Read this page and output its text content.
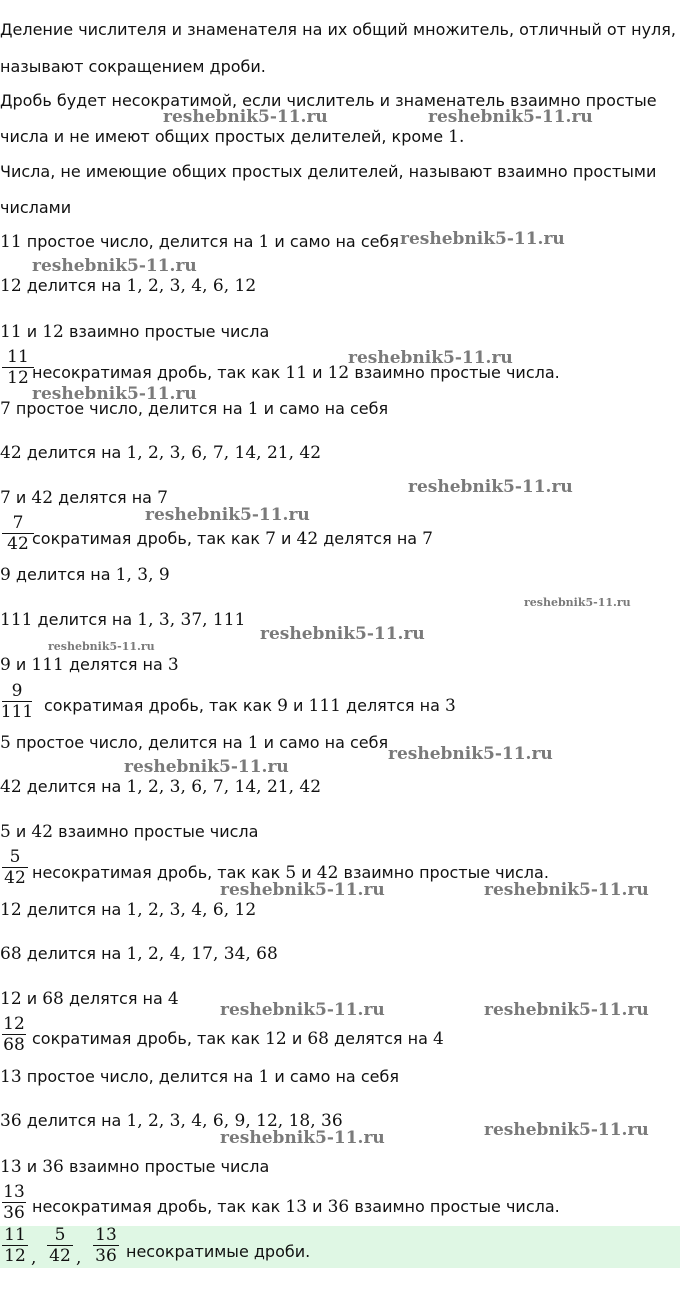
Деление числителя и знаменателя на их общий множитель, отличный от нуля,
называют сокращением дроби.
Дробь будет несократимой, если числитель и знаменатель взаимно простые
числа и не имеют общих простых делителей, кроме 1.
Числа, не имеющие общих простых делителей, называют взаимно простыми
числами
11 простое число, делится на 1 и само на себя
12 делится на 1, 2, 3, 4, 6, 12
11 и 12 взаимно простые числа
11
12 несократимая дробь, так как 11 и 12 взаимно простые числа.
7 простое число, делится на 1 и само на себя
42 делится на 1, 2, 3, 6, 7, 14, 21, 42
7 и 42 делятся на 7
7
42 сократимая дробь, так как 7 и 42 делятся на 7
9 делится на 1, 3, 9
111 делится на 1, 3, 37, 111
9 и 111 делятся на 3
9
111 сократимая дробь, так как 9 и 111 делятся на 3
5 простое число, делится на 1 и само на себя
42 делится на 1, 2, 3, 6, 7, 14, 21, 42
5 и 42 взаимно простые числа
5
42 несократимая дробь, так как 5 и 42 взаимно простые числа.
12 делится на 1, 2, 3, 4, 6, 12
68 делится на 1, 2, 4, 17, 34, 68
12 и 68 делятся на 4
12
68 сократимая дробь, так как 12 и 68 делятся на 4
13 простое число, делится на 1 и само на себя
36 делится на 1, 2, 3, 4, 6, 9, 12, 18, 36
13 и 36 взаимно простые числа
13
36 несократимая дробь, так как 13 и 36 взаимно простые числа.
11
12 ,
5
42 ,
13
36 несократимые дроби.
reshebnik5-11.ru	reshebnik5-11.ru
reshebnik5-11.ru
reshebnik5-11.ru
reshebnik5-11.ru
reshebnik5-11.ru
reshebnik5-11.ru
reshebnik5-11.ru
reshebnik5-11.ru
reshebnik5-11.ru
reshebnik5-11.ru
reshebnik5-11.ru
reshebnik5-11.ru
reshebnik5-11.ru	reshebnik5-11.ru
reshebnik5-11.ru	reshebnik5-11.ru
reshebnik5-11.ru	reshebnik5-11.ru
